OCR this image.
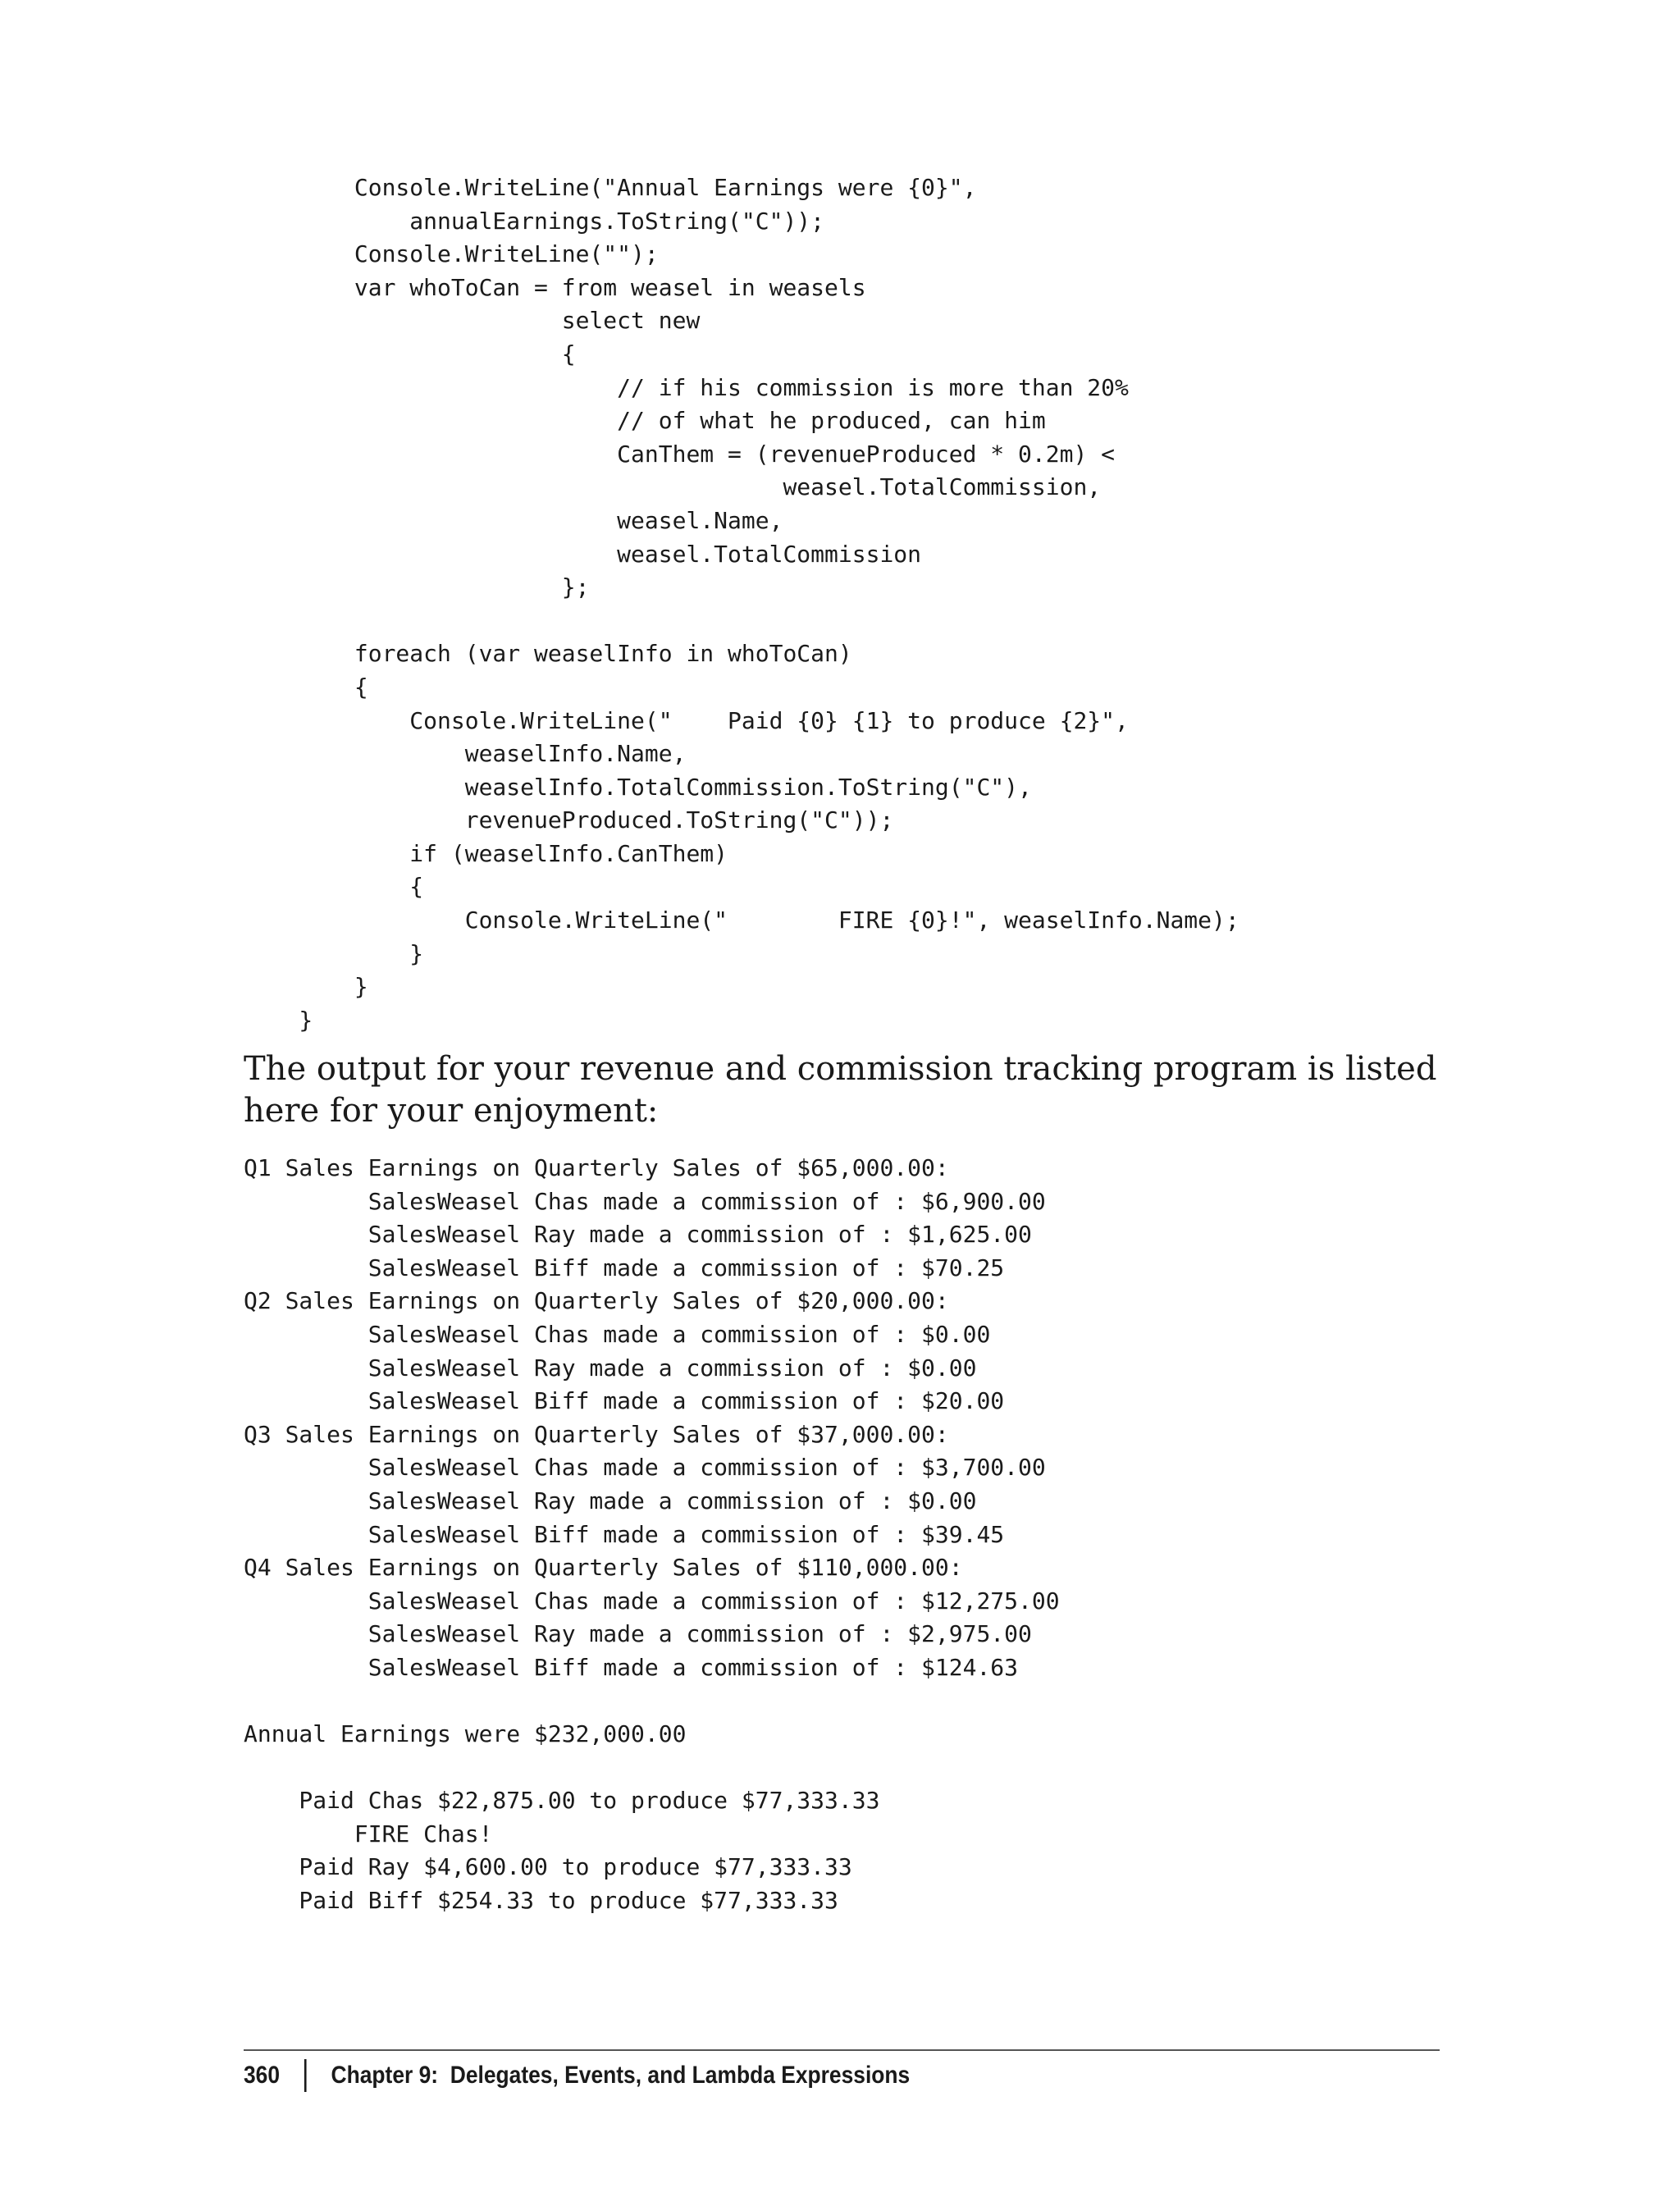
Console.WriteLine("Annual Earnings were {0}",
annualEarnings.ToString("C"));
Console.WriteLine("");
var whoToCan = from weasel in weasels
select new
{
// if his commission is more than 20%
// of what he produced, can him
CanThem = (revenueProduced * 0.2m) <
weasel.TotalCommission,
weasel.Name,
weasel.TotalCommission
};
foreach (var weaselInfo in whoToCan)
{
Console.WriteLine("    Paid {0} {1} to produce {2}",
weaselInfo.Name,
weaselInfo.TotalCommission.ToString("C"),
revenueProduced.ToString("C"));
if (weaselInfo.CanThem)
{
Console.WriteLine("        FIRE {0}!", weaselInfo.Name);
}
}
}

The output for your revenue and commission tracking program is listed here for your enjoyment:

Q1 Sales Earnings on Quarterly Sales of $65,000.00:
SalesWeasel Chas made a commission of : $6,900.00
SalesWeasel Ray made a commission of : $1,625.00
SalesWeasel Biff made a commission of : $70.25
Q2 Sales Earnings on Quarterly Sales of $20,000.00:
SalesWeasel Chas made a commission of : $0.00
SalesWeasel Ray made a commission of : $0.00
SalesWeasel Biff made a commission of : $20.00
Q3 Sales Earnings on Quarterly Sales of $37,000.00:
SalesWeasel Chas made a commission of : $3,700.00
SalesWeasel Ray made a commission of : $0.00
SalesWeasel Biff made a commission of : $39.45
Q4 Sales Earnings on Quarterly Sales of $110,000.00:
SalesWeasel Chas made a commission of : $12,275.00
SalesWeasel Ray made a commission of : $2,975.00
SalesWeasel Biff made a commission of : $124.63
Annual Earnings were $232,000.00
Paid Chas $22,875.00 to produce $77,333.33
FIRE Chas!
Paid Ray $4,600.00 to produce $77,333.33
Paid Biff $254.33 to produce $77,333.33
360 Chapter 9:  Delegates, Events, and Lambda Expressions
